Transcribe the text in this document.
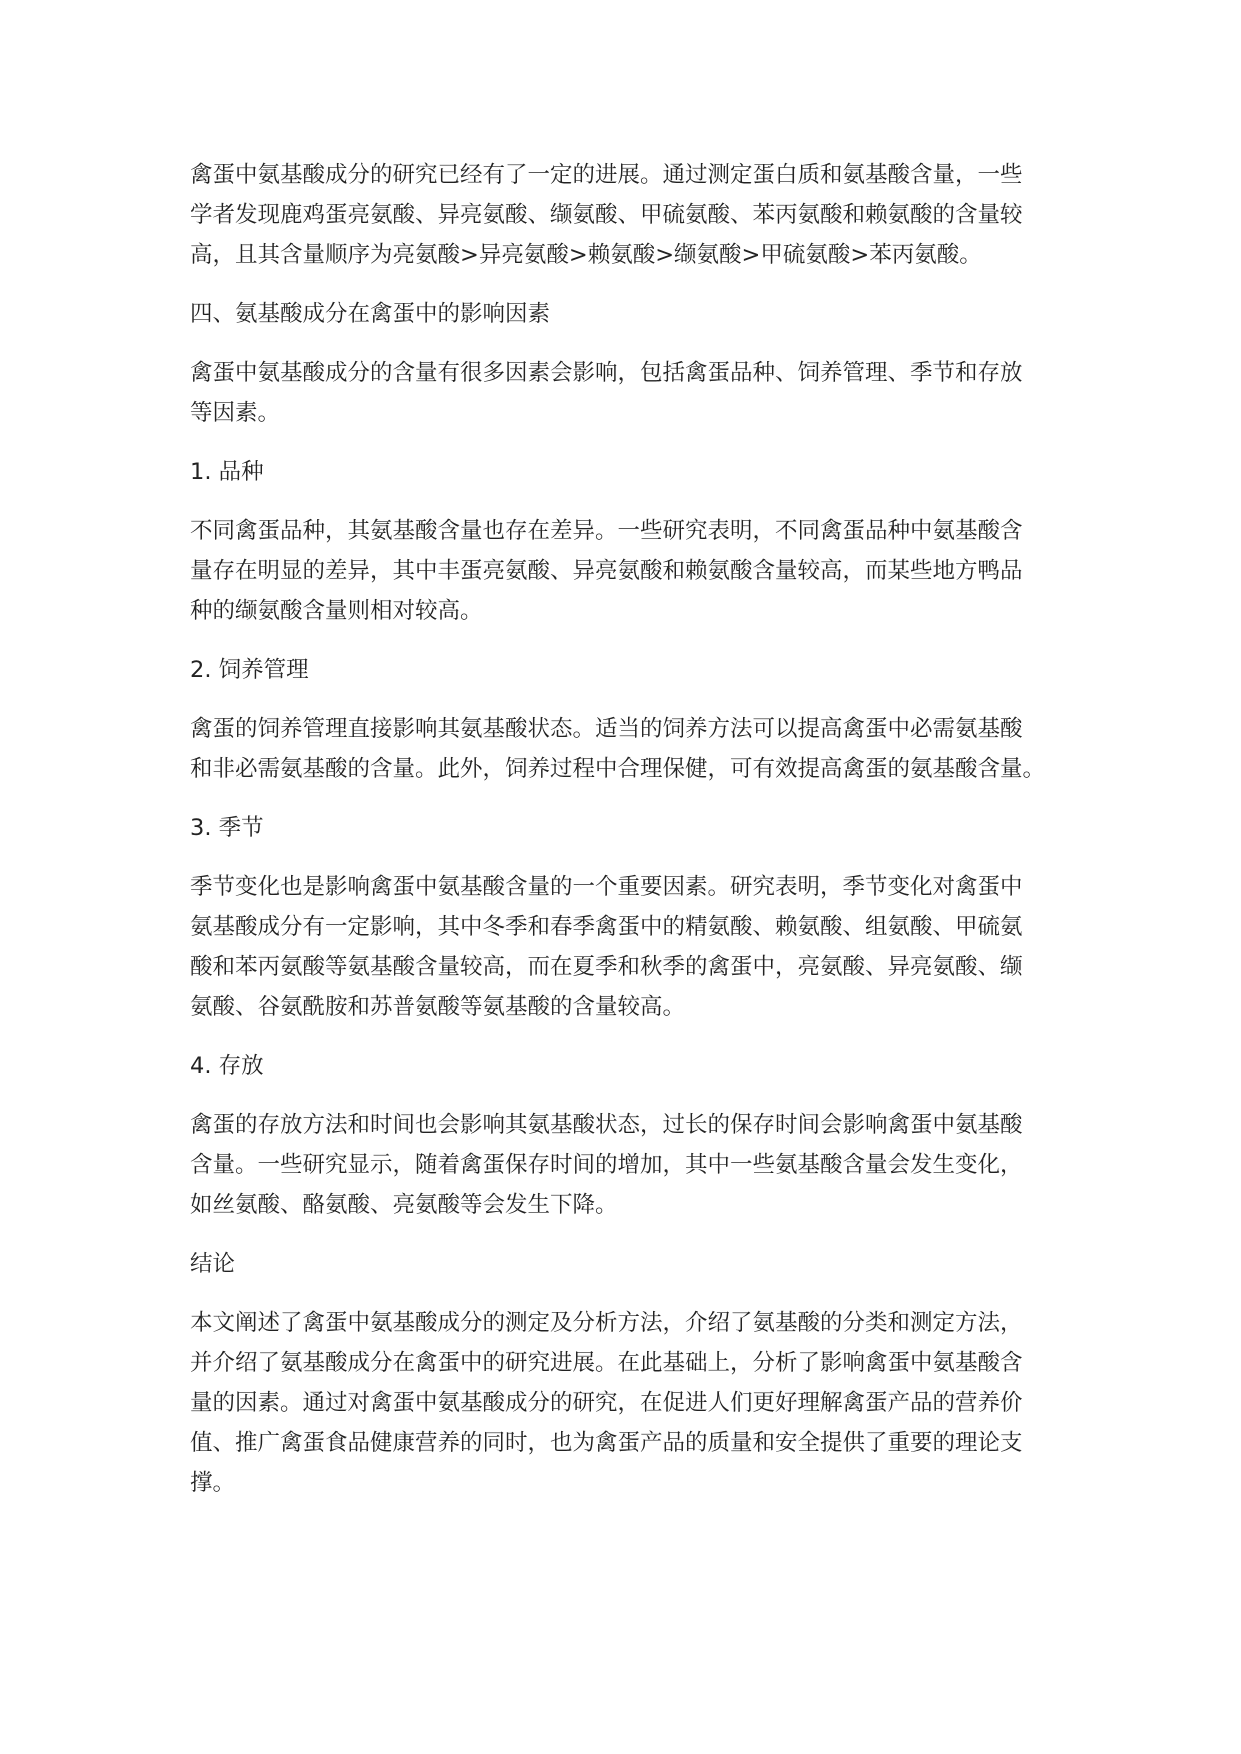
禽蛋中氨基酸成分的研究已经有了一定的进展。通过测定蛋白质和氨基酸含量，一些
学者发现鹿鸡蛋亮氨酸、异亮氨酸、缬氨酸、甲硫氨酸、苯丙氨酸和赖氨酸的含量较
高，且其含量顺序为亮氨酸>异亮氨酸>赖氨酸>缬氨酸>甲硫氨酸>苯丙氨酸。

四、氨基酸成分在禽蛋中的影响因素

禽蛋中氨基酸成分的含量有很多因素会影响，包括禽蛋品种、饲养管理、季节和存放
等因素。

1. 品种

不同禽蛋品种，其氨基酸含量也存在差异。一些研究表明，不同禽蛋品种中氨基酸含
量存在明显的差异，其中丰蛋亮氨酸、异亮氨酸和赖氨酸含量较高，而某些地方鸭品
种的缬氨酸含量则相对较高。

2. 饲养管理

禽蛋的饲养管理直接影响其氨基酸状态。适当的饲养方法可以提高禽蛋中必需氨基酸
和非必需氨基酸的含量。此外，饲养过程中合理保健，可有效提高禽蛋的氨基酸含量。

3. 季节

季节变化也是影响禽蛋中氨基酸含量的一个重要因素。研究表明，季节变化对禽蛋中
氨基酸成分有一定影响，其中冬季和春季禽蛋中的精氨酸、赖氨酸、组氨酸、甲硫氨
酸和苯丙氨酸等氨基酸含量较高，而在夏季和秋季的禽蛋中，亮氨酸、异亮氨酸、缬
氨酸、谷氨酰胺和苏普氨酸等氨基酸的含量较高。

4. 存放

禽蛋的存放方法和时间也会影响其氨基酸状态，过长的保存时间会影响禽蛋中氨基酸
含量。一些研究显示，随着禽蛋保存时间的增加，其中一些氨基酸含量会发生变化，
如丝氨酸、酪氨酸、亮氨酸等会发生下降。

结论

本文阐述了禽蛋中氨基酸成分的测定及分析方法，介绍了氨基酸的分类和测定方法，
并介绍了氨基酸成分在禽蛋中的研究进展。在此基础上，分析了影响禽蛋中氨基酸含
量的因素。通过对禽蛋中氨基酸成分的研究，在促进人们更好理解禽蛋产品的营养价
值、推广禽蛋食品健康营养的同时，也为禽蛋产品的质量和安全提供了重要的理论支
撑。
